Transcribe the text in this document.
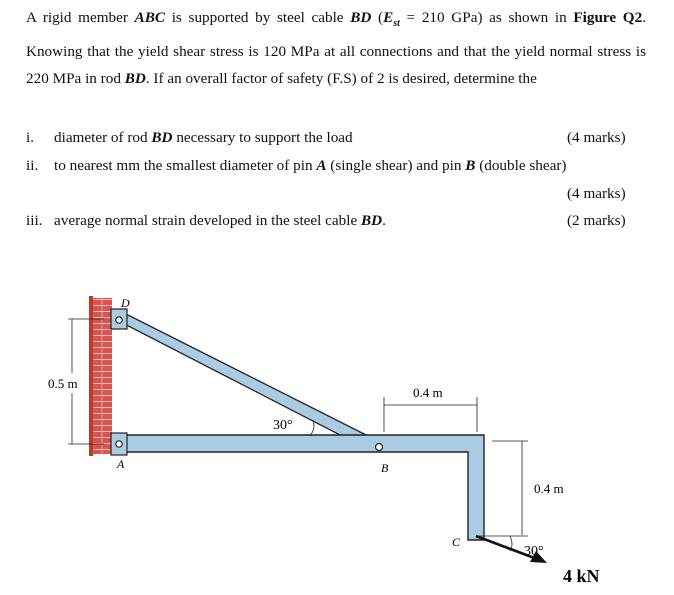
A rigid member ABC is supported by steel cable BD ($E_{st} = 210$ GPa) as shown in Figure Q2. Knowing that the yield shear stress is 120 MPa at all connections and that the yield normal stress is 220 MPa in rod BD. If an overall factor of safety (F.S) of 2 is desired, determine the
i. diameter of rod BD necessary to support the load	(4 marks)
ii. to nearest mm the smallest diameter of pin A (single shear) and pin B (double shear)
(4 marks)
iii. average normal strain developed in the steel cable BD.	(2 marks)
0.5 m
0.4 m
0.4 m
30°
30°
4 kN
D
A	B
C
